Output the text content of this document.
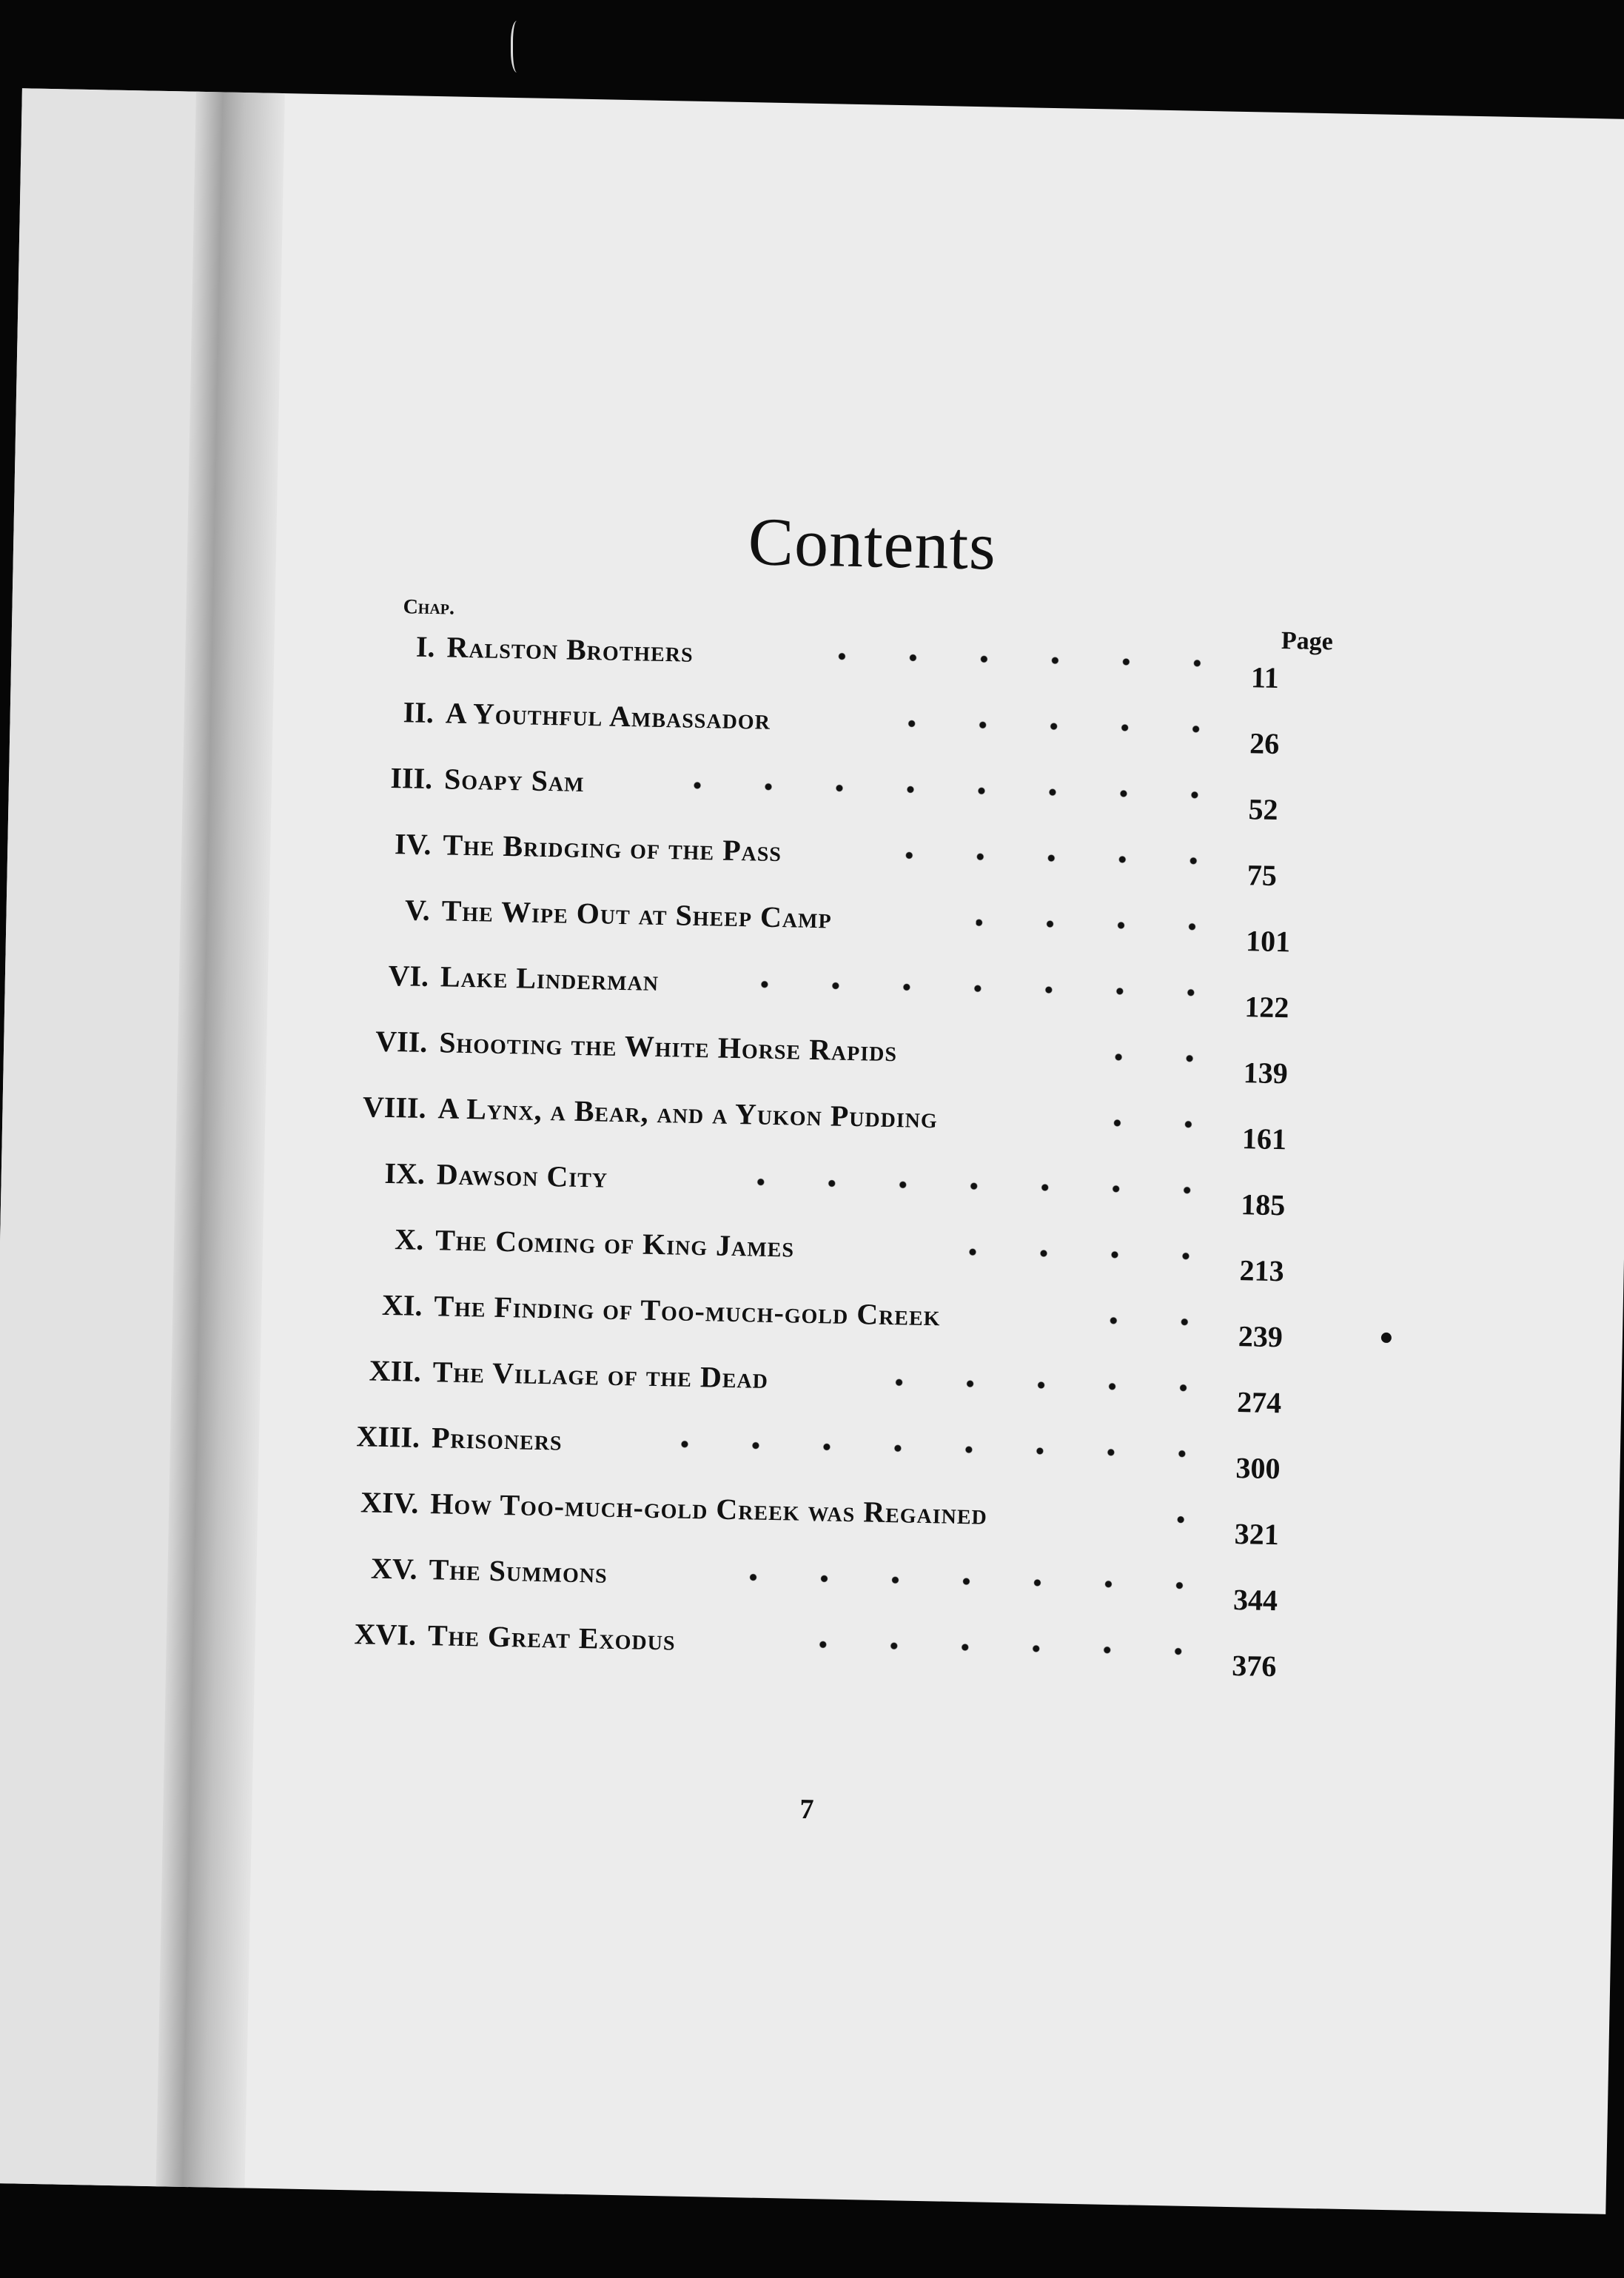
Contents
Chap.
Page
I. Ralston Brothers
11
II. A Youthful Ambassador
26
III. Soapy Sam
52
IV. The Bridging of the Pass
75
V. The Wipe Out at Sheep Camp
101
VI. Lake Linderman
122
VII. Shooting the White Horse Rapids
139
VIII. A Lynx, a Bear, and a Yukon Pudding
161
IX. Dawson City
185
X. The Coming of King James
213
XI. The Finding of Too-much-gold Creek
239
XII. The Village of the Dead
274
XIII. Prisoners
300
XIV. How Too-much-gold Creek was Regained
321
XV. The Summons
344
XVI. The Great Exodus
376
7
